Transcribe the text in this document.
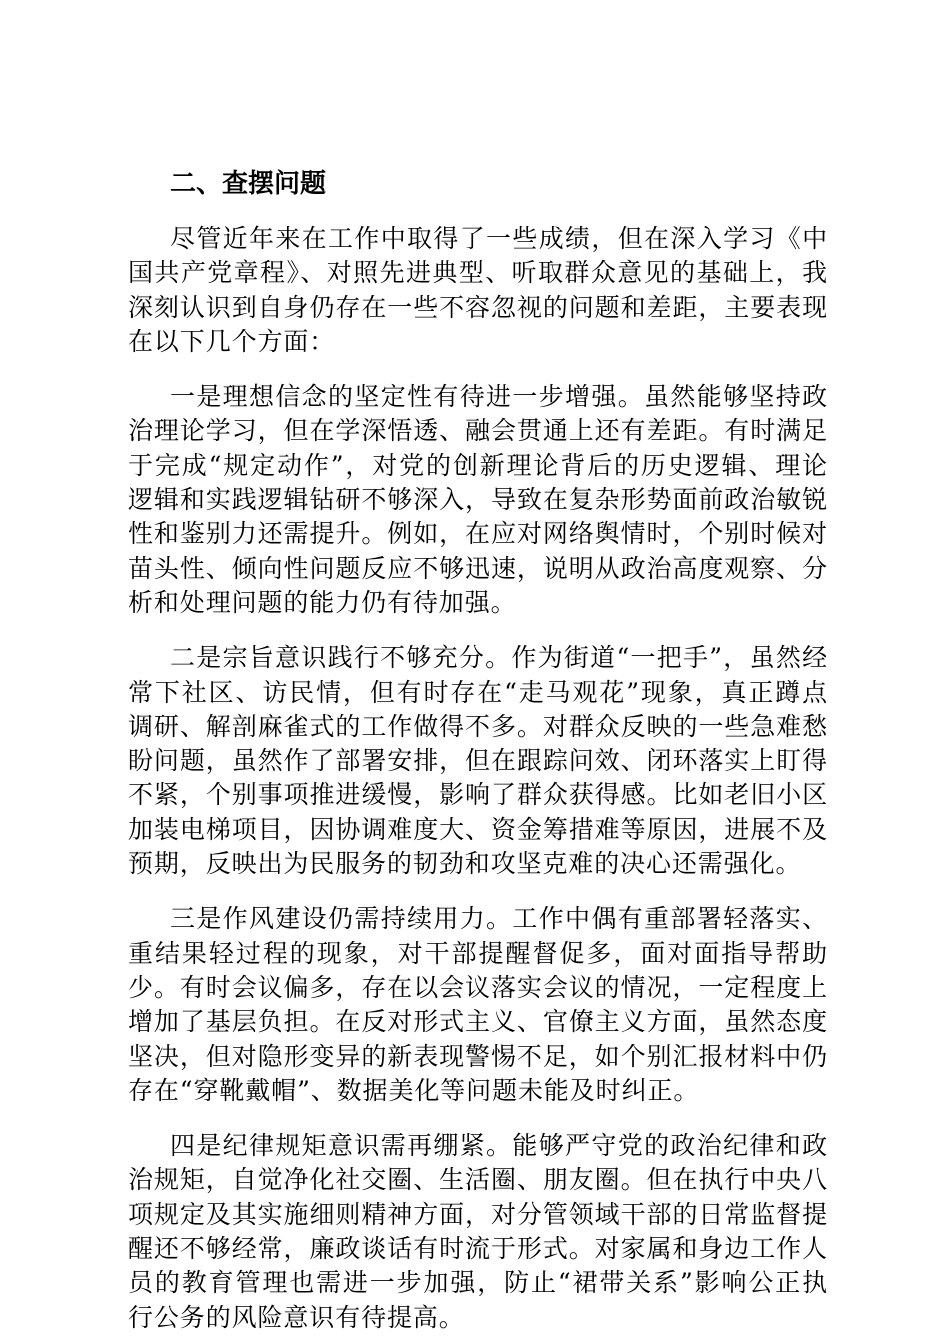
二、查摆问题

尽管近年来在工作中取得了一些成绩，但在深入学习《中国共产党章程》、对照先进典型、听取群众意见的基础上，我深刻认识到自身仍存在一些不容忽视的问题和差距，主要表现在以下几个方面：

一是理想信念的坚定性有待进一步增强。虽然能够坚持政治理论学习，但在学深悟透、融会贯通上还有差距。有时满足于完成“规定动作”，对党的创新理论背后的历史逻辑、理论逻辑和实践逻辑钻研不够深入，导致在复杂形势面前政治敏锐性和鉴别力还需提升。例如，在应对网络舆情时，个别时候对苗头性、倾向性问题反应不够迅速，说明从政治高度观察、分析和处理问题的能力仍有待加强。

二是宗旨意识践行不够充分。作为街道“一把手”，虽然经常下社区、访民情，但有时存在“走马观花”现象，真正蹲点调研、解剖麻雀式的工作做得不多。对群众反映的一些急难愁盼问题，虽然作了部署安排，但在跟踪问效、闭环落实上盯得不紧，个别事项推进缓慢，影响了群众获得感。比如老旧小区加装电梯项目，因协调难度大、资金筹措难等原因，进展不及预期，反映出为民服务的韧劲和攻坚克难的决心还需强化。

三是作风建设仍需持续用力。工作中偶有重部署轻落实、重结果轻过程的现象，对干部提醒督促多，面对面指导帮助少。有时会议偏多，存在以会议落实会议的情况，一定程度上增加了基层负担。在反对形式主义、官僚主义方面，虽然态度坚决，但对隐形变异的新表现警惕不足，如个别汇报材料中仍存在“穿靴戴帽”、数据美化等问题未能及时纠正。

四是纪律规矩意识需再绷紧。能够严守党的政治纪律和政治规矩，自觉净化社交圈、生活圈、朋友圈。但在执行中央八项规定及其实施细则精神方面，对分管领域干部的日常监督提醒还不够经常，廉政谈话有时流于形式。对家属和身边工作人员的教育管理也需进一步加强，防止“裙带关系”影响公正执行公务的风险意识有待提高。
